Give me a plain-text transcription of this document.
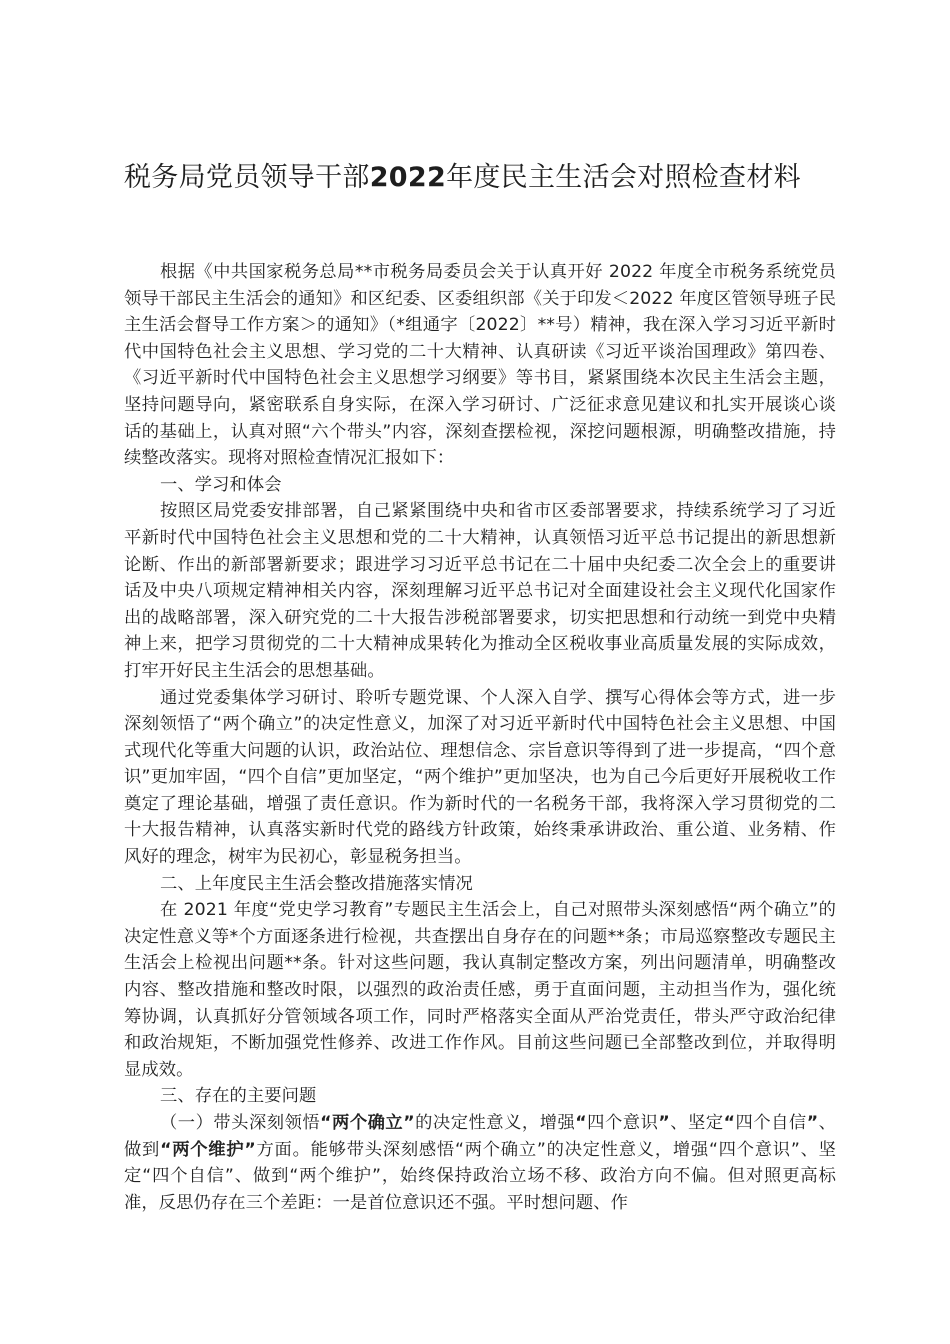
税务局党员领导干部2022年度民主生活会对照检查材料

根据《中共国家税务总局**市税务局委员会关于认真开好 2022 年度全市税务系统党员领导干部民主生活会的通知》和区纪委、区委组织部《关于印发＜2022 年度区管领导班子民主生活会督导工作方案＞的通知》（*组通字〔2022〕**号）精神，我在深入学习习近平新时代中国特色社会主义思想、学习党的二十大精神、认真研读《习近平谈治国理政》第四卷、《习近平新时代中国特色社会主义思想学习纲要》等书目，紧紧围绕本次民主生活会主题，坚持问题导向，紧密联系自身实际，在深入学习研讨、广泛征求意见建议和扎实开展谈心谈话的基础上，认真对照“六个带头”内容，深刻查摆检视，深挖问题根源，明确整改措施，持续整改落实。现将对照检查情况汇报如下：

一、学习和体会

按照区局党委安排部署，自己紧紧围绕中央和省市区委部署要求，持续系统学习了习近平新时代中国特色社会主义思想和党的二十大精神，认真领悟习近平总书记提出的新思想新论断、作出的新部署新要求；跟进学习习近平总书记在二十届中央纪委二次全会上的重要讲话及中央八项规定精神相关内容，深刻理解习近平总书记对全面建设社会主义现代化国家作出的战略部署，深入研究党的二十大报告涉税部署要求，切实把思想和行动统一到党中央精神上来，把学习贯彻党的二十大精神成果转化为推动全区税收事业高质量发展的实际成效，打牢开好民主生活会的思想基础。

通过党委集体学习研讨、聆听专题党课、个人深入自学、撰写心得体会等方式，进一步深刻领悟了“两个确立”的决定性意义，加深了对习近平新时代中国特色社会主义思想、中国式现代化等重大问题的认识，政治站位、理想信念、宗旨意识等得到了进一步提高，“四个意识”更加牢固，“四个自信”更加坚定，“两个维护”更加坚决，也为自己今后更好开展税收工作奠定了理论基础，增强了责任意识。作为新时代的一名税务干部，我将深入学习贯彻党的二十大报告精神，认真落实新时代党的路线方针政策，始终秉承讲政治、重公道、业务精、作风好的理念，树牢为民初心，彰显税务担当。

二、上年度民主生活会整改措施落实情况

在 2021 年度“党史学习教育”专题民主生活会上，自己对照带头深刻感悟“两个确立”的决定性意义等*个方面逐条进行检视，共查摆出自身存在的问题**条；市局巡察整改专题民主生活会上检视出问题**条。针对这些问题，我认真制定整改方案，列出问题清单，明确整改内容、整改措施和整改时限，以强烈的政治责任感，勇于直面问题，主动担当作为，强化统筹协调，认真抓好分管领域各项工作，同时严格落实全面从严治党责任，带头严守政治纪律和政治规矩，不断加强党性修养、改进工作作风。目前这些问题已全部整改到位，并取得明显成效。

三、存在的主要问题

（一）带头深刻领悟“两个确立”的决定性意义，增强“四个意识”、坚定“四个自信”、做到“两个维护”方面。能够带头深刻感悟“两个确立”的决定性意义，增强“四个意识”、坚定“四个自信”、做到“两个维护”，始终保持政治立场不移、政治方向不偏。但对照更高标准，反思仍存在三个差距：一是首位意识还不强。平时想问题、作
